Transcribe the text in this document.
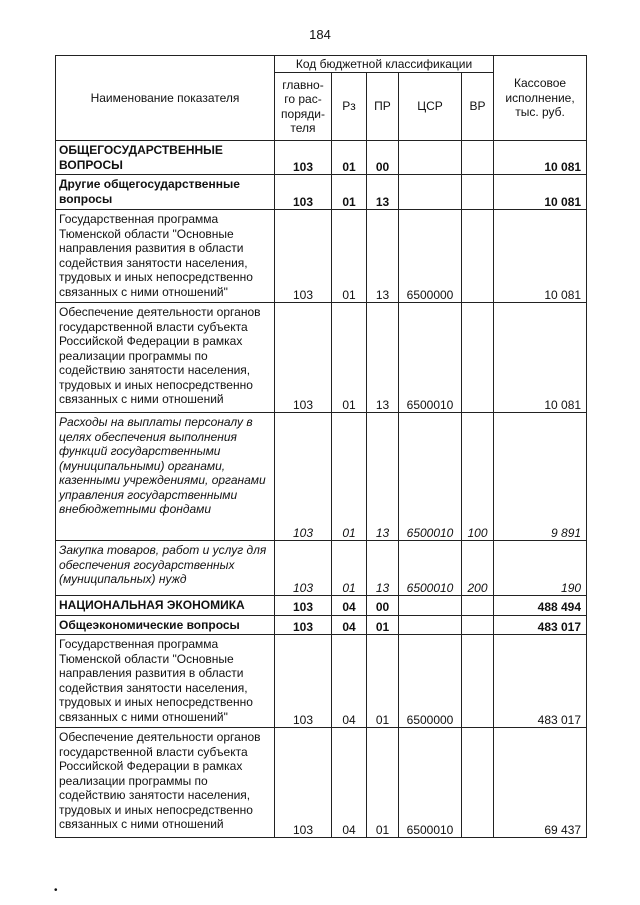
184
Наименование показателя	Код бюджетной классификации					Кассовое исполнение, тыс. руб.
	главно-го рас-поряди-теля	Рз	ПР	ЦСР	ВР	
ОБЩЕГОСУДАРСТВЕННЫЕ ВОПРОСЫ	103	01	00			10 081
Другие общегосударственные вопросы	103	01	13			10 081
Государственная программа Тюменской области "Основные направления развития в области содействия занятости населения, трудовых и иных непосредственно связанных с ними отношений"	103	01	13	6500000		10 081
Обеспечение деятельности органов государственной власти субъекта Российской Федерации в рамках реализации программы по содействию занятости населения, трудовых и иных непосредственно связанных с ними отношений	103	01	13	6500010		10 081
Расходы на выплаты персоналу в целях обеспечения выполнения функций государственными (муниципальными) органами, казенными учреждениями, органами управления государственными внебюджетными фондами	103	01	13	6500010	100	9 891
Закупка товаров, работ и услуг для обеспечения государственных (муниципальных) нужд	103	01	13	6500010	200	190
НАЦИОНАЛЬНАЯ ЭКОНОМИКА	103	04	00			488 494
Общеэкономические вопросы	103	04	01			483 017
Государственная программа Тюменской области "Основные направления развития в области содействия занятости населения, трудовых и иных непосредственно связанных с ними отношений"	103	04	01	6500000		483 017
Обеспечение деятельности органов государственной власти субъекта Российской Федерации в рамках реализации программы по содействию занятости населения, трудовых и иных непосредственно связанных с ними отношений	103	04	01	6500010		69 437
•
